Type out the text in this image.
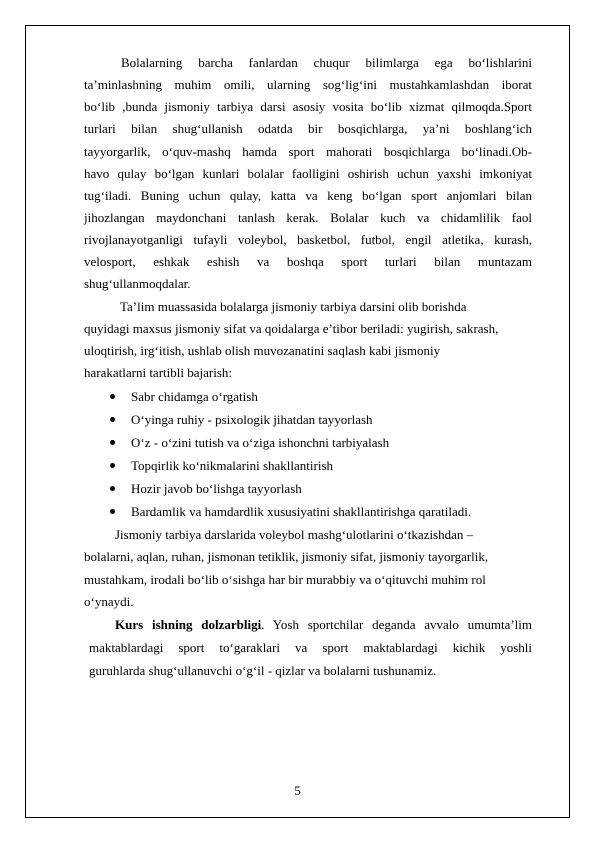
Bolalarning barcha fanlardan chuqur bilimlarga ega bo‘lishlarini
ta’minlashning muhim omili, ularning sog‘lig‘ini mustahkamlashdan iborat
bo‘lib ,bunda jismoniy tarbiya darsi asosiy vosita bo‘lib xizmat qilmoqda.Sport
turlari bilan shug‘ullanish odatda bir bosqichlarga, ya’ni boshlang‘ich
tayyorgarlik, o‘quv-mashq hamda sport mahorati bosqichlarga bo‘linadi.Ob-
havo qulay bo‘lgan kunlari bolalar faolligini oshirish uchun yaxshi imkoniyat
tug‘iladi. Buning uchun qulay, katta va keng bo‘lgan sport anjomlari bilan
jihozlangan maydonchani tanlash kerak. Bolalar kuch va chidamlilik faol
rivojlanayotganligi tufayli voleybol, basketbol, futbol, engil atletika, kurash,
velosport, eshkak eshish va boshqa sport turlari bilan muntazam
shug‘ullanmoqdalar.
Ta’lim muassasida bolalarga jismoniy tarbiya darsini olib borishda
quyidagi maxsus jismoniy sifat va qoidalarga e’tibor beriladi: yugirish, sakrash,
uloqtirish, irg‘itish, ushlab olish muvozanatini saqlash kabi jismoniy
harakatlarni tartibli bajarish:
Sabr chidamga o‘rgatish
O‘yinga ruhiy - psixologik jihatdan tayyorlash
O‘z - o‘zini tutish va o‘ziga ishonchni tarbiyalash
Topqirlik ko‘nikmalarini shakllantirish
Hozir javob bo‘lishga tayyorlash
Bardamlik va hamdardlik xususiyatini shakllantirishga qaratiladi.
Jismoniy tarbiya darslarida voleybol mashg‘ulotlarini o‘tkazishdan –
bolalarni, aqlan, ruhan, jismonan tetiklik, jismoniy sifat, jismoniy tayorgarlik,
mustahkam, irodali bo‘lib o‘sishga har bir murabbiy va o‘qituvchi muhim rol
o‘ynaydi.
Kurs ishning dolzarbligi. Yosh sportchilar deganda avvalo umumta’lim
maktablardagi sport to‘garaklari va sport maktablardagi kichik yoshli
guruhlarda shug‘ullanuvchi o‘g‘il - qizlar va bolalarni tushunamiz.
5
